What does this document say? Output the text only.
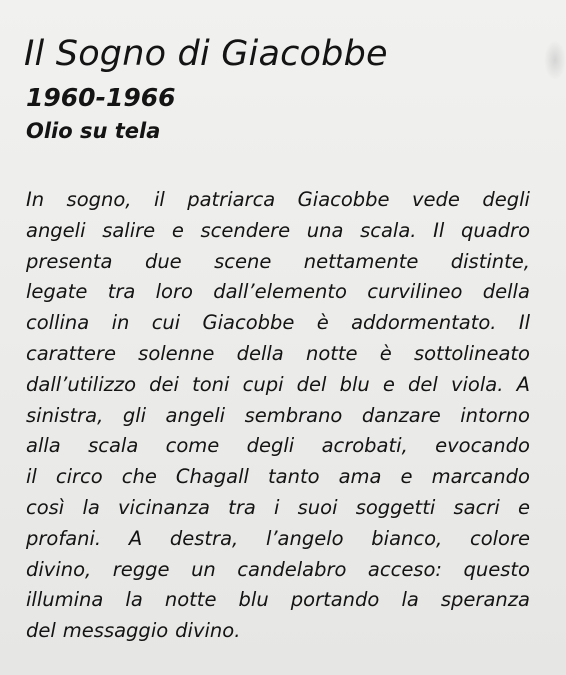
Il Sogno di Giacobbe
1960-1966
Olio su tela
In sogno, il patriarca Giacobbe vede degli
angeli salire e scendere una scala. Il quadro
presenta due scene nettamente distinte,
legate tra loro dall’elemento curvilineo della
collina in cui Giacobbe è addormentato. Il
carattere solenne della notte è sottolineato
dall’utilizzo dei toni cupi del blu e del viola. A
sinistra, gli angeli sembrano danzare intorno
alla scala come degli acrobati, evocando
il circo che Chagall tanto ama e marcando
così la vicinanza tra i suoi soggetti sacri e
profani. A destra, l’angelo bianco, colore
divino, regge un candelabro acceso: questo
illumina la notte blu portando la speranza
del messaggio divino.
